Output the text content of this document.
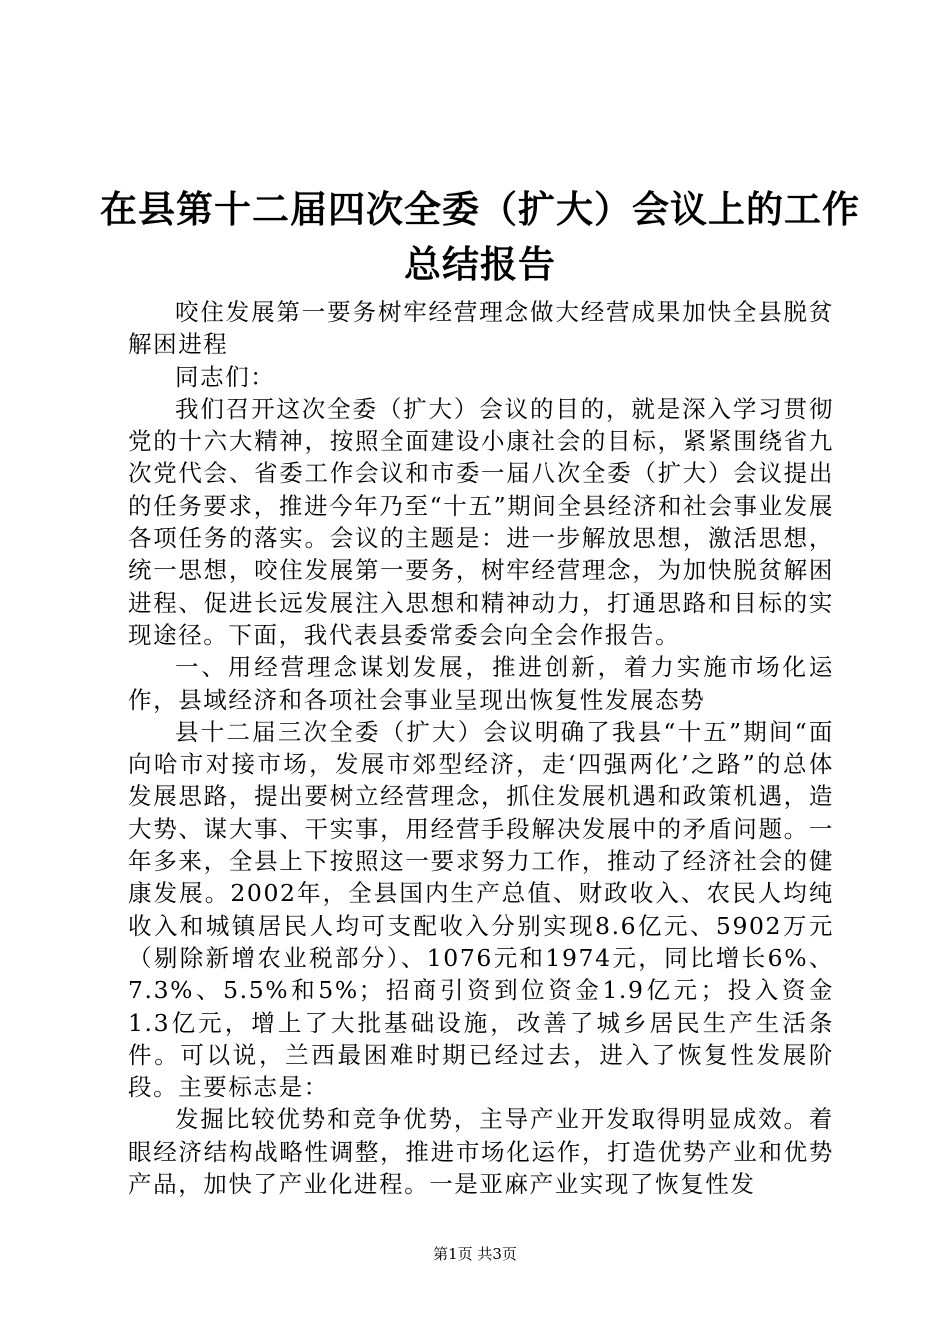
在县第十二届四次全委（扩大）会议上的工作
总结报告

咬住发展第一要务树牢经营理念做大经营成果加快全县脱贫解困进程

同志们：

我们召开这次全委（扩大）会议的目的，就是深入学习贯彻党的十六大精神，按照全面建设小康社会的目标，紧紧围绕省九次党代会、省委工作会议和市委一届八次全委（扩大）会议提出的任务要求，推进今年乃至“十五”期间全县经济和社会事业发展各项任务的落实。会议的主题是：进一步解放思想，激活思想，统一思想，咬住发展第一要务，树牢经营理念，为加快脱贫解困进程、促进长远发展注入思想和精神动力，打通思路和目标的实现途径。下面，我代表县委常委会向全会作报告。

一、用经营理念谋划发展，推进创新，着力实施市场化运作，县域经济和各项社会事业呈现出恢复性发展态势

县十二届三次全委（扩大）会议明确了我县“十五”期间“面向哈市对接市场，发展市郊型经济，走‘四强两化’之路”的总体发展思路，提出要树立经营理念，抓住发展机遇和政策机遇，造大势、谋大事、干实事，用经营手段解决发展中的矛盾问题。一年多来，全县上下按照这一要求努力工作，推动了经济社会的健康发展。2002年，全县国内生产总值、财政收入、农民人均纯收入和城镇居民人均可支配收入分别实现8.6亿元、5902万元（剔除新增农业税部分）、1076元和1974元，同比增长6%、7.3%、5.5%和5%；招商引资到位资金1.9亿元；投入资金1.3亿元，增上了大批基础设施，改善了城乡居民生产生活条件。可以说，兰西最困难时期已经过去，进入了恢复性发展阶段。主要标志是：

发掘比较优势和竞争优势，主导产业开发取得明显成效。着眼经济结构战略性调整，推进市场化运作，打造优势产业和优势产品，加快了产业化进程。一是亚麻产业实现了恢复性发

第1页 共3页
